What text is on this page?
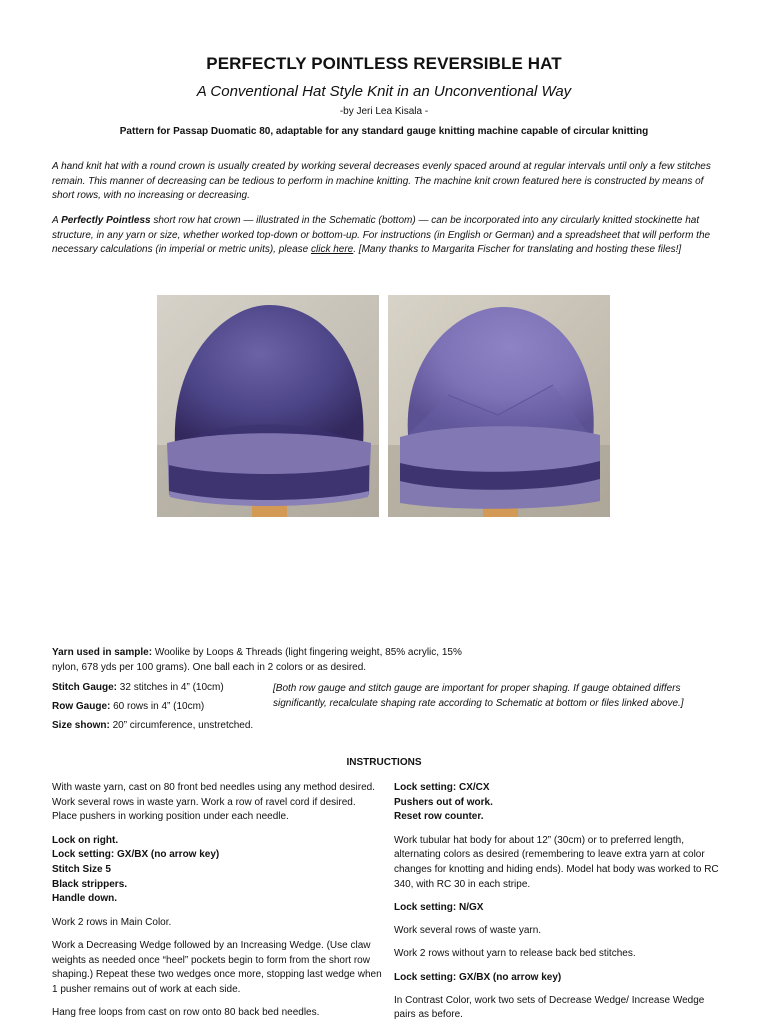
PERFECTLY POINTLESS REVERSIBLE HAT
A Conventional Hat Style Knit in an Unconventional Way
-by Jeri Lea Kisala -
Pattern for Passap Duomatic 80, adaptable for any standard gauge knitting machine capable of circular knitting

A hand knit hat with a round crown is usually created by working several decreases evenly spaced around at regular intervals until only a few stitches remain. This manner of decreasing can be tedious to perform in machine knitting. The machine knit crown featured here is constructed by means of short rows, with no increasing or decreasing.

A Perfectly Pointless short row hat crown — illustrated in the Schematic (bottom) — can be incorporated into any circularly knitted stockinette hat structure, in any yarn or size, whether worked top-down or bottom-up. For instructions (in English or German) and a spreadsheet that will perform the necessary calculations (in imperial or metric units), please click here. [Many thanks to Margarita Fischer for translating and hosting these files!]

Yarn used in sample: Woolike by Loops & Threads (light fingering weight, 85% acrylic, 15% nylon, 678 yds per 100 grams). One ball each in 2 colors or as desired.
Stitch Gauge: 32 stitches in 4” (10cm)
Row Gauge: 60 rows in 4” (10cm)
Size shown: 20” circumference, unstretched.
[Both row gauge and stitch gauge are important for proper shaping. If gauge obtained differs significantly, recalculate shaping rate according to Schematic at bottom or files linked above.]
INSTRUCTIONS

With waste yarn, cast on 80 front bed needles using any method desired. Work several rows in waste yarn. Work a row of ravel cord if desired. Place pushers in working position under each needle.

Lock on right.

Lock setting: GX/BX (no arrow key)

Stitch Size 5

Black strippers.

Handle down.

Work 2 rows in Main Color.

Work a Decreasing Wedge followed by an Increasing Wedge. (Use claw weights as needed once “heel” pockets begin to form from the short row shaping.) Repeat these two wedges once more, stopping last wedge when 1 pusher remains out of work at each side.

Hang free loops from cast on row onto 80 back bed needles.

Lock setting: CX/CX

Pushers out of work.

Reset row counter.

Work tubular hat body for about 12” (30cm) or to preferred length, alternating colors as desired (remembering to leave extra yarn at color changes for knotting and hiding ends). Model hat body was worked to RC 340, with RC 30 in each stripe.

Lock setting: N/GX

Work several rows of waste yarn.

Work 2 rows without yarn to release back bed stitches.

Lock setting: GX/BX (no arrow key)

In Contrast Color, work two sets of Decrease Wedge/ Increase Wedge pairs as before.
